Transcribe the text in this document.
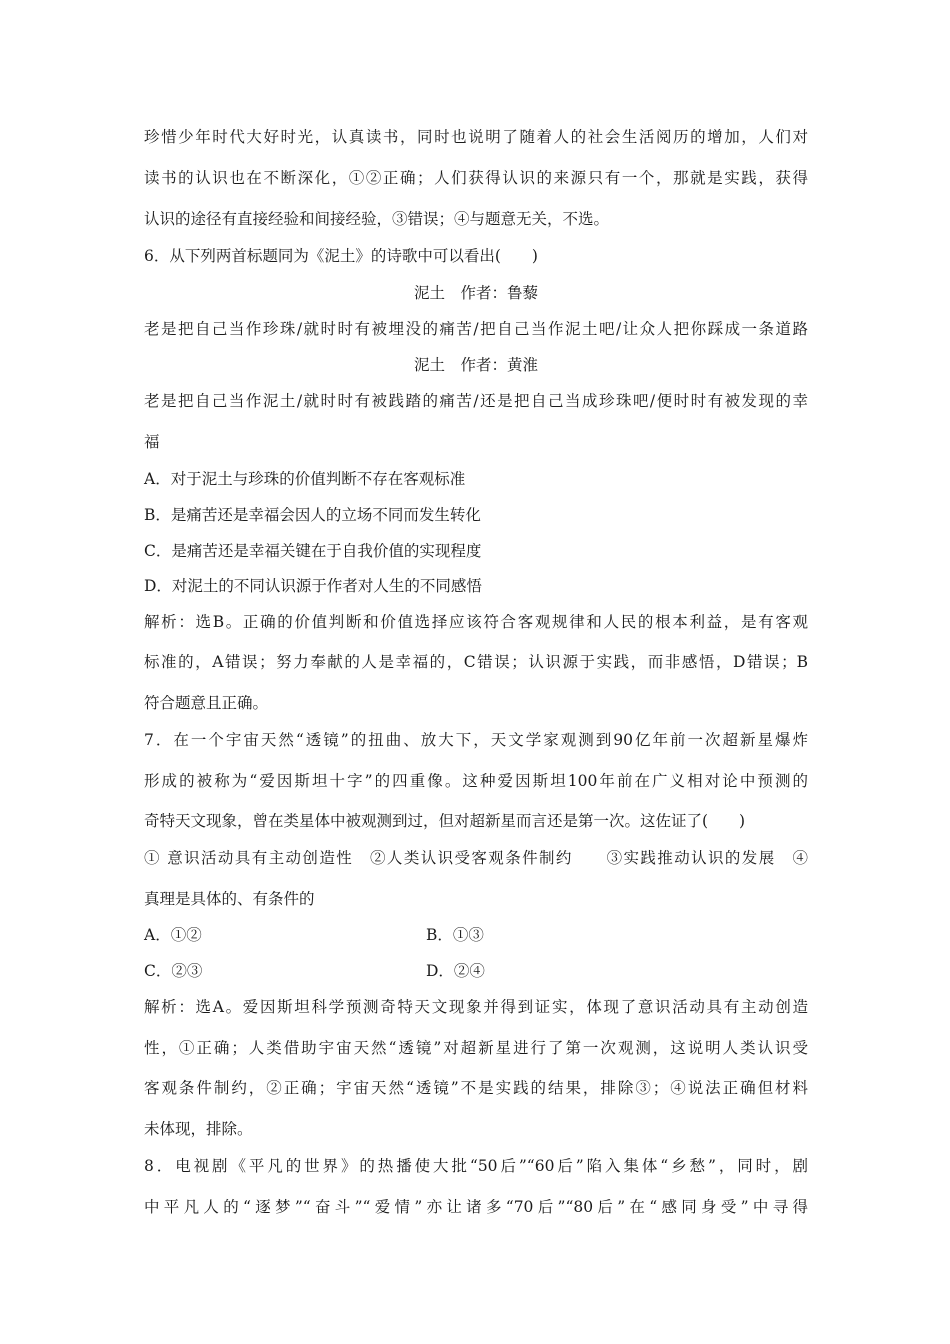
珍惜少年时代大好时光，认真读书，同时也说明了随着人的社会生活阅历的增加，人们对
读书的认识也在不断深化，①②正确；人们获得认识的来源只有一个，那就是实践，获得
认识的途径有直接经验和间接经验，③错误；④与题意无关，不选。
6．从下列两首标题同为《泥土》的诗歌中可以看出(　　)
泥土　作者：鲁藜
老是把自己当作珍珠/就时时有被埋没的痛苦/把自己当作泥土吧/让众人把你踩成一条道路
泥土　作者：黄淮
老是把自己当作泥土/就时时有被践踏的痛苦/还是把自己当成珍珠吧/便时时有被发现的幸
福
A．对于泥土与珍珠的价值判断不存在客观标准
B．是痛苦还是幸福会因人的立场不同而发生转化
C．是痛苦还是幸福关键在于自我价值的实现程度
D．对泥土的不同认识源于作者对人生的不同感悟
解析：选B。正确的价值判断和价值选择应该符合客观规律和人民的根本利益，是有客观
标准的，A错误；努力奉献的人是幸福的，C错误；认识源于实践，而非感悟，D错误；B
符合题意且正确。
7．在一个宇宙天然“透镜”的扭曲、放大下，天文学家观测到90亿年前一次超新星爆炸
形成的被称为“爱因斯坦十字”的四重像。这种爱因斯坦100年前在广义相对论中预测的
奇特天文现象，曾在类星体中被观测到过，但对超新星而言还是第一次。这佐证了(　　)
① 意识活动具有主动创造性　②人类认识受客观条件制约　　③实践推动认识的发展　④
真理是具体的、有条件的
A．①②	B．①③
C．②③	D．②④
解析：选A。爱因斯坦科学预测奇特天文现象并得到证实，体现了意识活动具有主动创造
性，①正确；人类借助宇宙天然“透镜”对超新星进行了第一次观测，这说明人类认识受
客观条件制约，②正确；宇宙天然“透镜”不是实践的结果，排除③；④说法正确但材料
未体现，排除。
8．电视剧《平凡的世界》的热播使大批“50后”“60后”陷入集体“乡愁”，同时，剧
中平凡人的“逐梦”“奋斗”“爱情”亦让诸多“70后”“80后”在“感同身受”中寻得
